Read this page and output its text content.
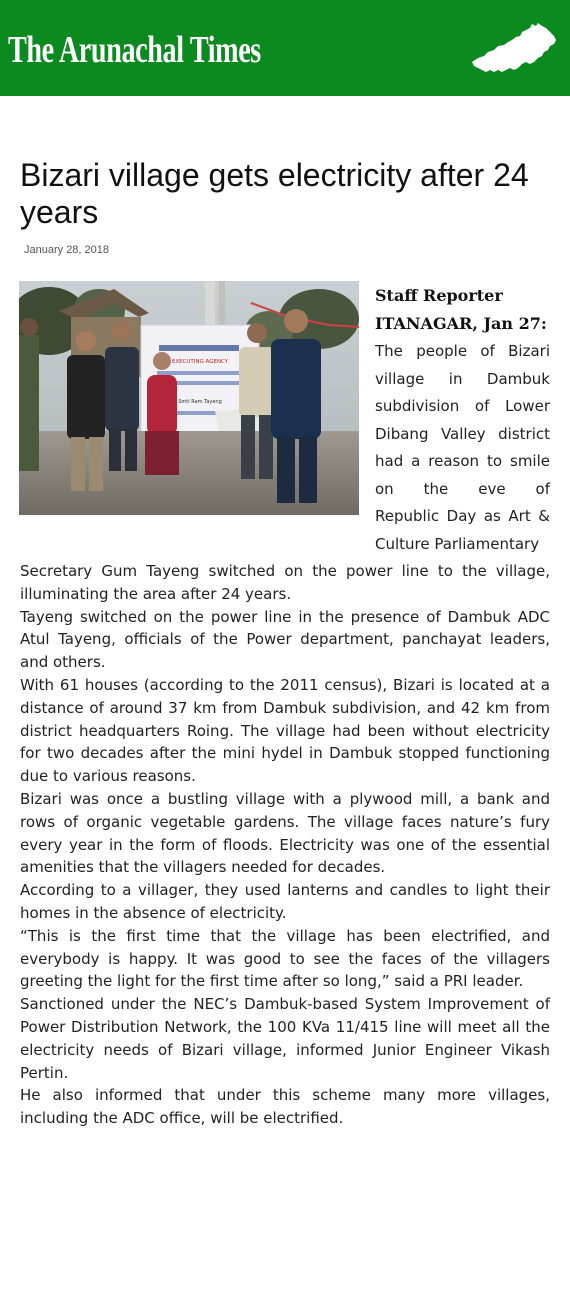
The Arunachal Times
Bizari village gets electricity after 24 years
January 28, 2018
EXECUTING AGENCY
Smti Ram Tayeng
Staff Reporter
ITANAGAR, Jan 27:
The people of Bizari
village in Dambuk
subdivision of Lower
Dibang Valley district
had a reason to smile
on the eve of
Republic Day as Art &
Culture Parliamentary

Secretary Gum Tayeng switched on the power line to the village, illuminating the area after 24 years.

Tayeng switched on the power line in the presence of Dambuk ADC Atul Tayeng, officials of the Power department, panchayat leaders, and others.

With 61 houses (according to the 2011 census), Bizari is located at a distance of around 37 km from Dambuk subdivision, and 42 km from district headquarters Roing. The village had been without electricity for two decades after the mini hydel in Dambuk stopped functioning due to various reasons.

Bizari was once a bustling village with a plywood mill, a bank and rows of organic vegetable gardens. The village faces nature’s fury every year in the form of floods. Electricity was one of the essential amenities that the villagers needed for decades.

According to a villager, they used lanterns and candles to light their homes in the absence of electricity.

“This is the first time that the village has been electrified, and everybody is happy. It was good to see the faces of the villagers greeting the light for the first time after so long,” said a PRI leader.

Sanctioned under the NEC’s Dambuk-based System Improvement of Power Distribution Network, the 100 KVa 11/415 line will meet all the electricity needs of Bizari village, informed Junior Engineer Vikash Pertin.

He also informed that under this scheme many more villages, including the ADC office, will be electrified.
